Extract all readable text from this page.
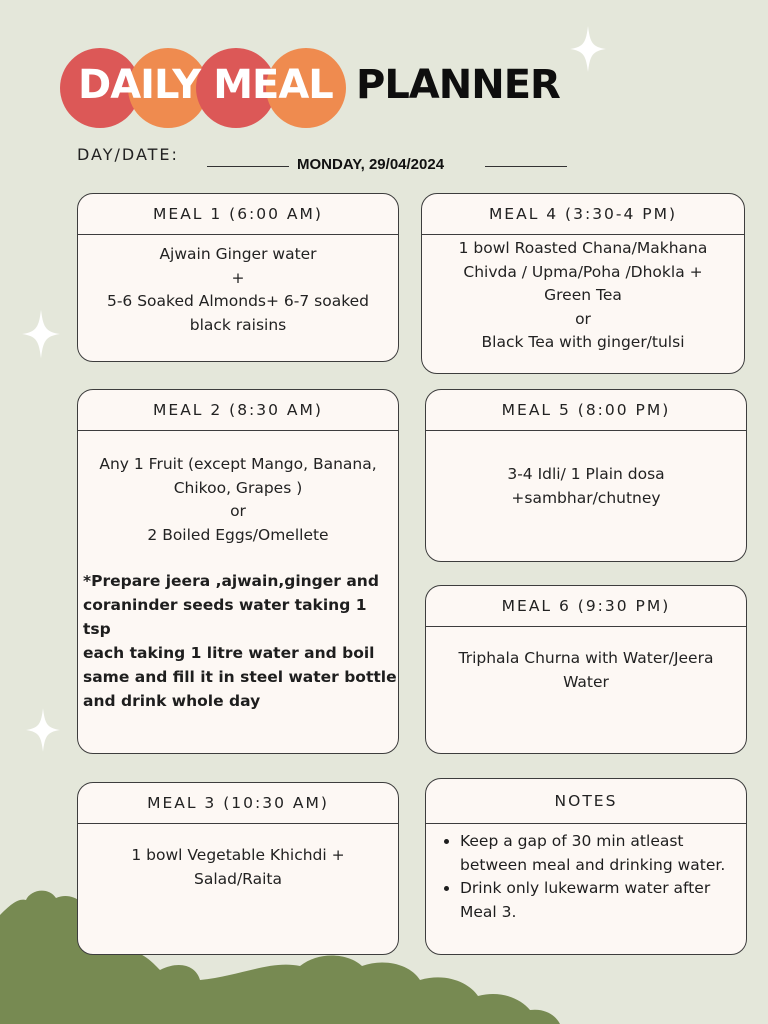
DAILY MEAL PLANNER
DAY/DATE:
MONDAY, 29/04/2024
MEAL 1 (6:00 AM)
Ajwain Ginger water
+
5-6 Soaked Almonds+ 6-7 soaked
black raisins
MEAL 4 (3:30-4 PM)
1 bowl Roasted Chana/Makhana
Chivda / Upma/Poha /Dhokla +
Green Tea
or
Black Tea with ginger/tulsi
MEAL 2 (8:30 AM)
Any 1 Fruit (except Mango, Banana,
Chikoo, Grapes )
or
2 Boiled Eggs/Omellete
*Prepare jeera ,ajwain,ginger and
coraninder seeds water taking 1 tsp
each taking 1 litre water and boil
same and fill it in steel water bottle
and drink whole day
MEAL 5 (8:00 PM)
3-4 Idli/ 1 Plain dosa
+sambhar/chutney
MEAL 6 (9:30 PM)
Triphala Churna with Water/Jeera
Water
MEAL 3 (10:30 AM)
1 bowl Vegetable Khichdi +
Salad/Raita
NOTES
• Keep a gap of 30 min atleast between meal and drinking water.
• Drink only lukewarm water after Meal 3.
